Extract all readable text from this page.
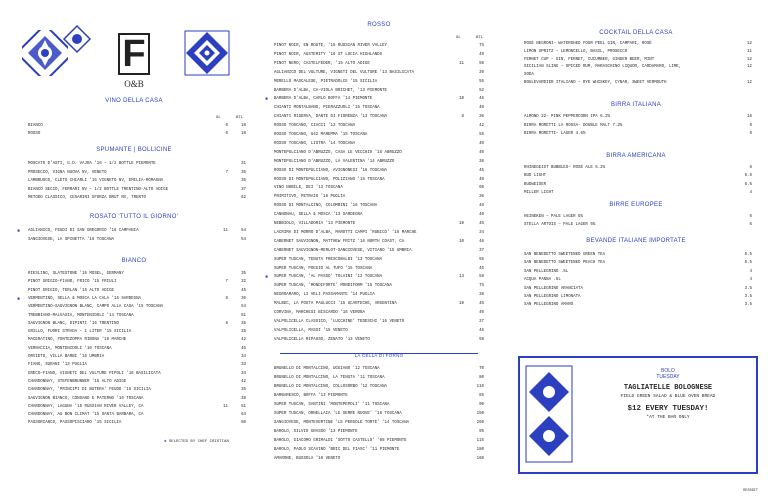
F
O&B
VINO DELLA CASA
GL	BTL
BIANCO	6	18
ROSSO	6	18
SPUMANTE | BOLLICINE
MOSCATO D'ASTI, G.D. VAJRA '16 – 1/2 BOTTLE PIEMONTE	31
PROSECCO, VIGNA NUOVA NV, VENETO	7	35
LAMBRUSCO, CLETO CHIARLI '15 VIGNETO NV, EMILIA-ROMAGNA	35
BIANCO SECCO, FERRARI NV – 1/2 BOTTLE TRENTINO-ALTO ADIGE	37
METODO CLASSICO, CESARINI SFORZA BRUT NV, TRENTO	62
ROSATO 'TUTTO IL GIORNO'
✱ AGLIANICO, FEUDI DI SAN GREGORIO '16 CAMPANIA	11	54
SANGIOVESE, LA SPINETTA '16 TOSCANA	54
BIANCO
RIESLING, SLATESTONE '16 MOSEL, GERMANY	35
PINOT GRIGIO–FIANO, FRICO '15 FRIULI	7	32
PINOT GRIGIO, TERLAN '15 ALTO ADIGE	45
✱ VERMENTINO, SELLA & MOSCA LA CALA '16 SARDEGNA	8	36
VERMENTINO–SAUVIGNON BLANC, CAMPO ALLA CASA '15 TOSCANA	54
TREBBIANO–MALVASIA, MONTENIDOLI '14 TOSCANA	51
SAUVIGNON BLANC, DIPINTI '16 TRENTINO	8	36
GRILLO, FUORI STRADA – 1 LITER '15 SICILIA	35
MACERATINO, FONTEZOPPA RIBONA '10 MARCHE	42
VERNACCIA, MONTENIDOLI '10 TOSCANA	45
ORVIETO, VILLA BARBI '15 UMBRIA	34
FIANO, SURANI '13 PUGLIA	33
GRECO–FIANO, VIGNETI DEL VULTURE PIPOLI '16 BASILICATA	34
CHARDONNAY, STEFENBRUNNER '15 ALTO ADIGE	42
CHARDONNAY, 'PRINCIPI DI BUTERA' FEUDO '16 SICILIA	35
SAUVIGNON BIANCO, CONSANO E PATERNO '16 TOSCANA	38
CHARDONNAY, LAGUNA '15 RUSSIAN RIVER VALLEY, CA	11	51
CHARDONNAY, AU BON CLIMAT '15 SANTA BARBARA, CA	64
PASSORIANCO, PASSOPISCIARO '15 SICILIA	80
✱ SELECTED BY CHEF CRISTIAN
ROSSO
GL	BTL
PINOT NOIR, EN ROUTE, '15 RUSSIAN RIVER VALLEY	75
PINOT NOIR, AUSTERITY '16 ST LUCIA HIGHLANDS	49
PINOT NERO, CASTELFEDER, '15 ALTO ADIGE	11	56
AGLIANICO DEL VULTURE, VIGNETI DEL VULTURE '13 BASILICATA	39
MERELLO MASCALESE, PIETRADOLCE '15 SICILIA	55
BARBERA D'ALBA, CA–VIOLA BRICHET, '13 PIEMONTE	52
✱ BARBERA D'ALBA, CARLO BOFFA '14 PIEMONTE	10	46
CHIANTI MONTALBANO, PIERAZZUOLI '15 TOSCANA	40
CHIANTI RISERVA, DANTE DI FIORENZA '13 TOSCANA	8	36
ROSSO TOSCANO, CIACCI '13 TOSCANA	42
ROSSO TOSCANO, 642 MAREMMA '15 TOSCANA	55
ROSSO TOSCANO, LISTRA '14 TOSCANA	40
MONTEPULCIANO D'ABRUZZO, CASA LE VECCHIO '16 ABRUZZO	40
MONTEPULCIANO D'ABRUZZO, LA VALENTINA '14 ABRUZZO	38
ROSSO DI MONTEPULCIANO, AVIGNONESI '16 TOSCANA	45
ROSSO DI MONTEPULCIANO, POLIZIANO '15 TOSCANA	40
VINO NOBILE, DEI '13 TOSCANA	60
PRIMITIVO, PETRAIO '16 PUGLIA	36
ROSSO DI MONTALCINO, COLOMBINI '16 TOSCANA	48
CANNONAU, SELLA & MOSCA '13 SARDEGNA	40
NEBBIOLO, VILLADORIA '13 PIEMONTE	10	46
LACRIMA DI MORRO D'ALBA, MAROTTI CAMPI 'RUBICO' '16 MARCHE	34
CABERNET SAUVIGNON, MATTHEW FRITZ '16 NORTH COAST, CA	10	46
CABERNET SAUVIGNON–MERLOT–SANGIOVESE, VITIANO '15 UMBRIA	37
SUPER TUSCAN, TENUTA FRESCOBALDI '13 TOSCANA	55
SUPER TUSCAN, POGGIO AL TUFO '15 TOSCANA	45
✱ SUPER TUSCAN, 'AL PASSO' TOLAINI '12 TOSCANA	13	59
SUPER TUSCAN, 'MONDIFORTE' MONDIFORM '15 TOSCANA	75
NEGROAMARO, LI VELI PASSAMANTE '14 PUGLIA	38
MALBEC, LA POSTA PAULUCCI '15 UCARTECHE, ARGENTINA	10	46
CORVINA, MARCHESI BISCARDO '16 VERONA	40
VALPOLICELLA CLASSICO, 'LUCCHINE' TEDESCHI '16 VENETO	37
VALPOLICELLA, MASSI '15 VENETO	46
VALPOLICELLA RIPASSO, ZENATO '13 VENETO	59
LA CELLA DI FORNO
BRUNELLO DI MONTALCINO, UGGIANO '12 TOSCANA	70
BRUNELLO DI MONTALCINO, LA TENUTA '11 TOSCANA	80
BRUNELLO DI MONTALCINO, COLLOSORBO '12 TOSCANA	110
BARBARESCO, BOFFA '13 PIEMONTE	85
SUPER TUSCAN, SANTINI 'MONTEPEPOLI' '11 TOSCANA	90
SUPER TUSCAN, ORNELLAIA 'LE SERRE NUOVE' '16 TOSCANA	150
SANGIOVESE, MONTEVERTINE 'LE PERGOLE TORTE' '14 TOSCANA	260
BAROLO, SILVIO GRASSO '13 PIEMONTE	95
BAROLO, GIACOMO GRIMALDI 'SOTTO CASTELLO' '08 PIEMONTE	115
BAROLO, PAOLO SCAVINO 'BRIC DEL FIASC' '11 PIEMONTE	180
AMARONE, BUSSOLA '10 VENETO	160
COCKTAIL DELLA CASA
ROSÉ NEGRONI– WATERSHED FOUR PEEL GIN, CAMPARI, ROSÉ	12
LIMON SPRITZ – LEMONCELLO, BASIL, PROSECCO	11
FERNET CUP – GIN, FERNET, CUCUMBER, GINGER BEER, MINT	12
SICILIAN SLING – SPICED RUM, MARASCHINO LIQUOR, CARDAMARO, LIME,	12
SODA
BOULEVARDIER ITALIANO – RYE WHISKEY, CYNAR, SWEET VERMOUTH	12
BIRRA ITALIANA
ALMOND 22– PINK PEPPERCORN IPA 6.2%	16
BIRRA MORETTI LA ROSSA– DOUBLE MALT 7.2%	6
BIRRA MORETTI– LAGER 4.6%	6
BIRRA AMERICANA
RHINEGEIST BUBBLES– ROSÉ ALE 6.2%	6
BUD LIGHT	6.5
BUDWEISER	6.5
MILLER LIGHT	4
BIRRE EUROPEE
HEINEKEN – PALE LAGER 5%	6
STELLA ARTOIS – PALE LAGER 5%	6
BEVANDE ITALIANE IMPORTATE
SAN BENEDETTO SWEETENED GREEN TEA	6.5
SAN BENEDETTO SWEETENED PEACH TEA	6.5
SAN PELLEGRINO .5L	4
ACQUA PANNA .5L	4
SAN PELLEGRINO ARANCIATA	3.5
SAN PELLEGRINO LIMONATA	3.5
SAN PELLEGRINO AMARO	3.5
BOLO
TUESDAY
TAGLIATELLE BOLOGNESE
FIELD GREEN SALAD & BLUE OVEN BREAD
$12 EVERY TUESDAY!
*AT THE BAR ONLY
RESDDIT
